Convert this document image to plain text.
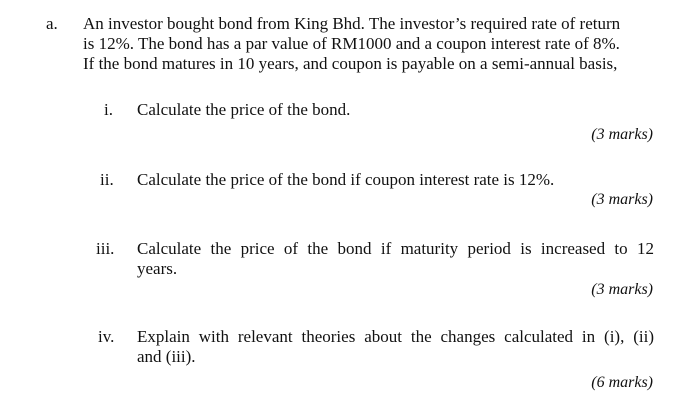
a. An investor bought bond from King Bhd. The investor’s required rate of return
is 12%. The bond has a par value of RM1000 and a coupon interest rate of 8%.
If the bond matures in 10 years, and coupon is payable on a semi-annual basis,
i. Calculate the price of the bond.
(3 marks)
ii. Calculate the price of the bond if coupon interest rate is 12%.
(3 marks)
iii. Calculate the price of the bond if maturity period is increased to 12
years.
(3 marks)
iv. Explain with relevant theories about the changes calculated in (i), (ii)
and (iii).
(6 marks)
